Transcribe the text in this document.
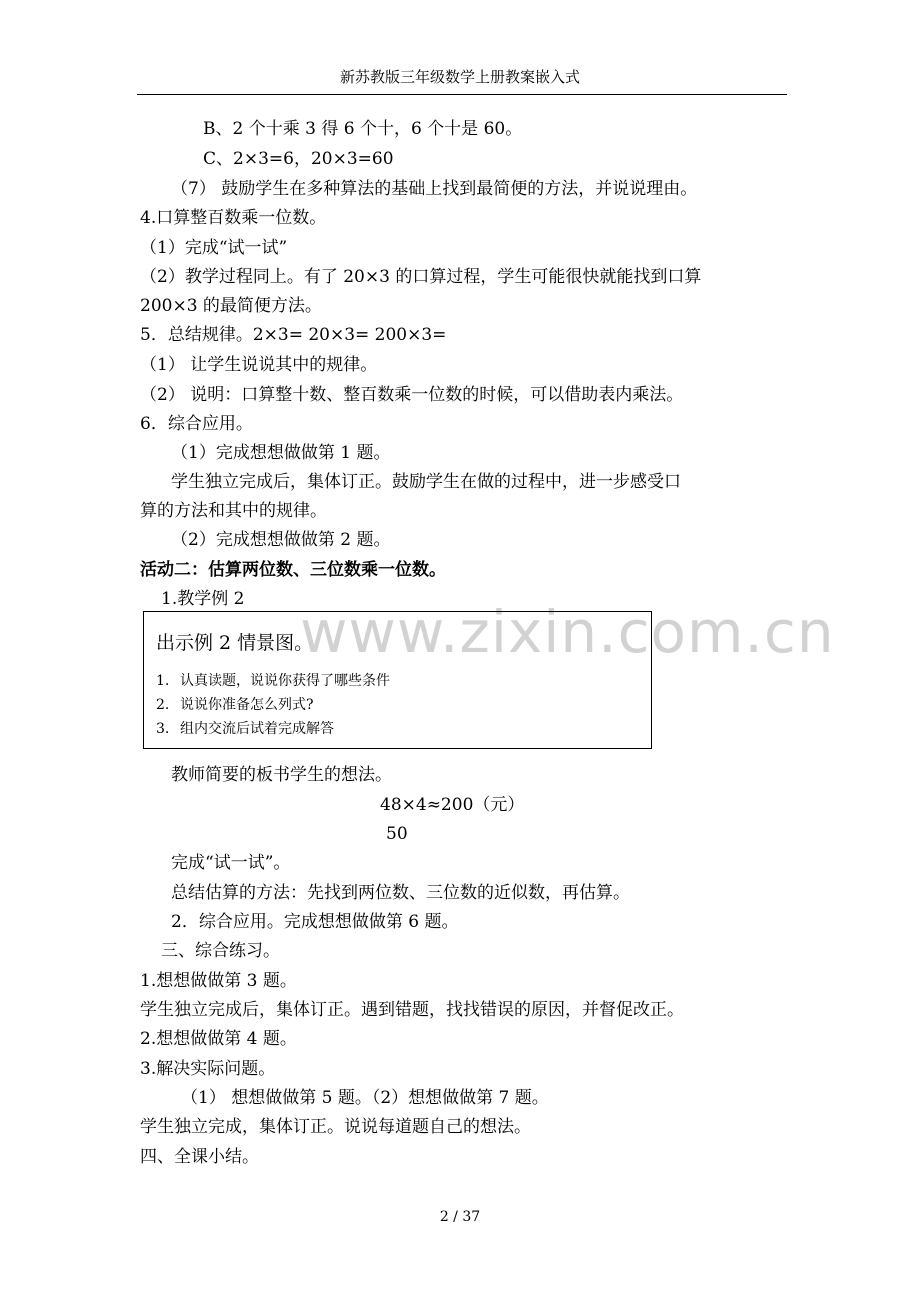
新苏教版三年级数学上册教案嵌入式
B、2 个十乘 3 得 6 个十，6 个十是 60。
C、2×3=6，20×3=60
（7） 鼓励学生在多种算法的基础上找到最简便的方法，并说说理由。
4.口算整百数乘一位数。
（1）完成“试一试”
（2）教学过程同上。有了 20×3 的口算过程，学生可能很快就能找到口算
200×3 的最简便方法。
5．总结规律。2×3= 20×3= 200×3=
（1） 让学生说说其中的规律。
（2） 说明：口算整十数、整百数乘一位数的时候，可以借助表内乘法。
6．综合应用。
（1）完成想想做做第 1 题。
学生独立完成后，集体订正。鼓励学生在做的过程中，进一步感受口
算的方法和其中的规律。
（2）完成想想做做第 2 题。
活动二：估算两位数、三位数乘一位数。
1.教学例 2 www.zixin.com.cn
出示例 2 情景图。
1. 认真读题，说说你获得了哪些条件
2. 说说你准备怎么列式?
3. 组内交流后试着完成解答
教师简要的板书学生的想法。
48×4≈200（元）
50
完成“试一试”。
总结估算的方法：先找到两位数、三位数的近似数，再估算。
2．综合应用。完成想想做做第 6 题。
三、综合练习。
1.想想做做第 3 题。
学生独立完成后，集体订正。遇到错题，找找错误的原因，并督促改正。
2.想想做做第 4 题。
3.解决实际问题。
（1） 想想做做第 5 题。（2）想想做做第 7 题。
学生独立完成，集体订正。说说每道题自己的想法。
四、全课小结。
2 / 37
